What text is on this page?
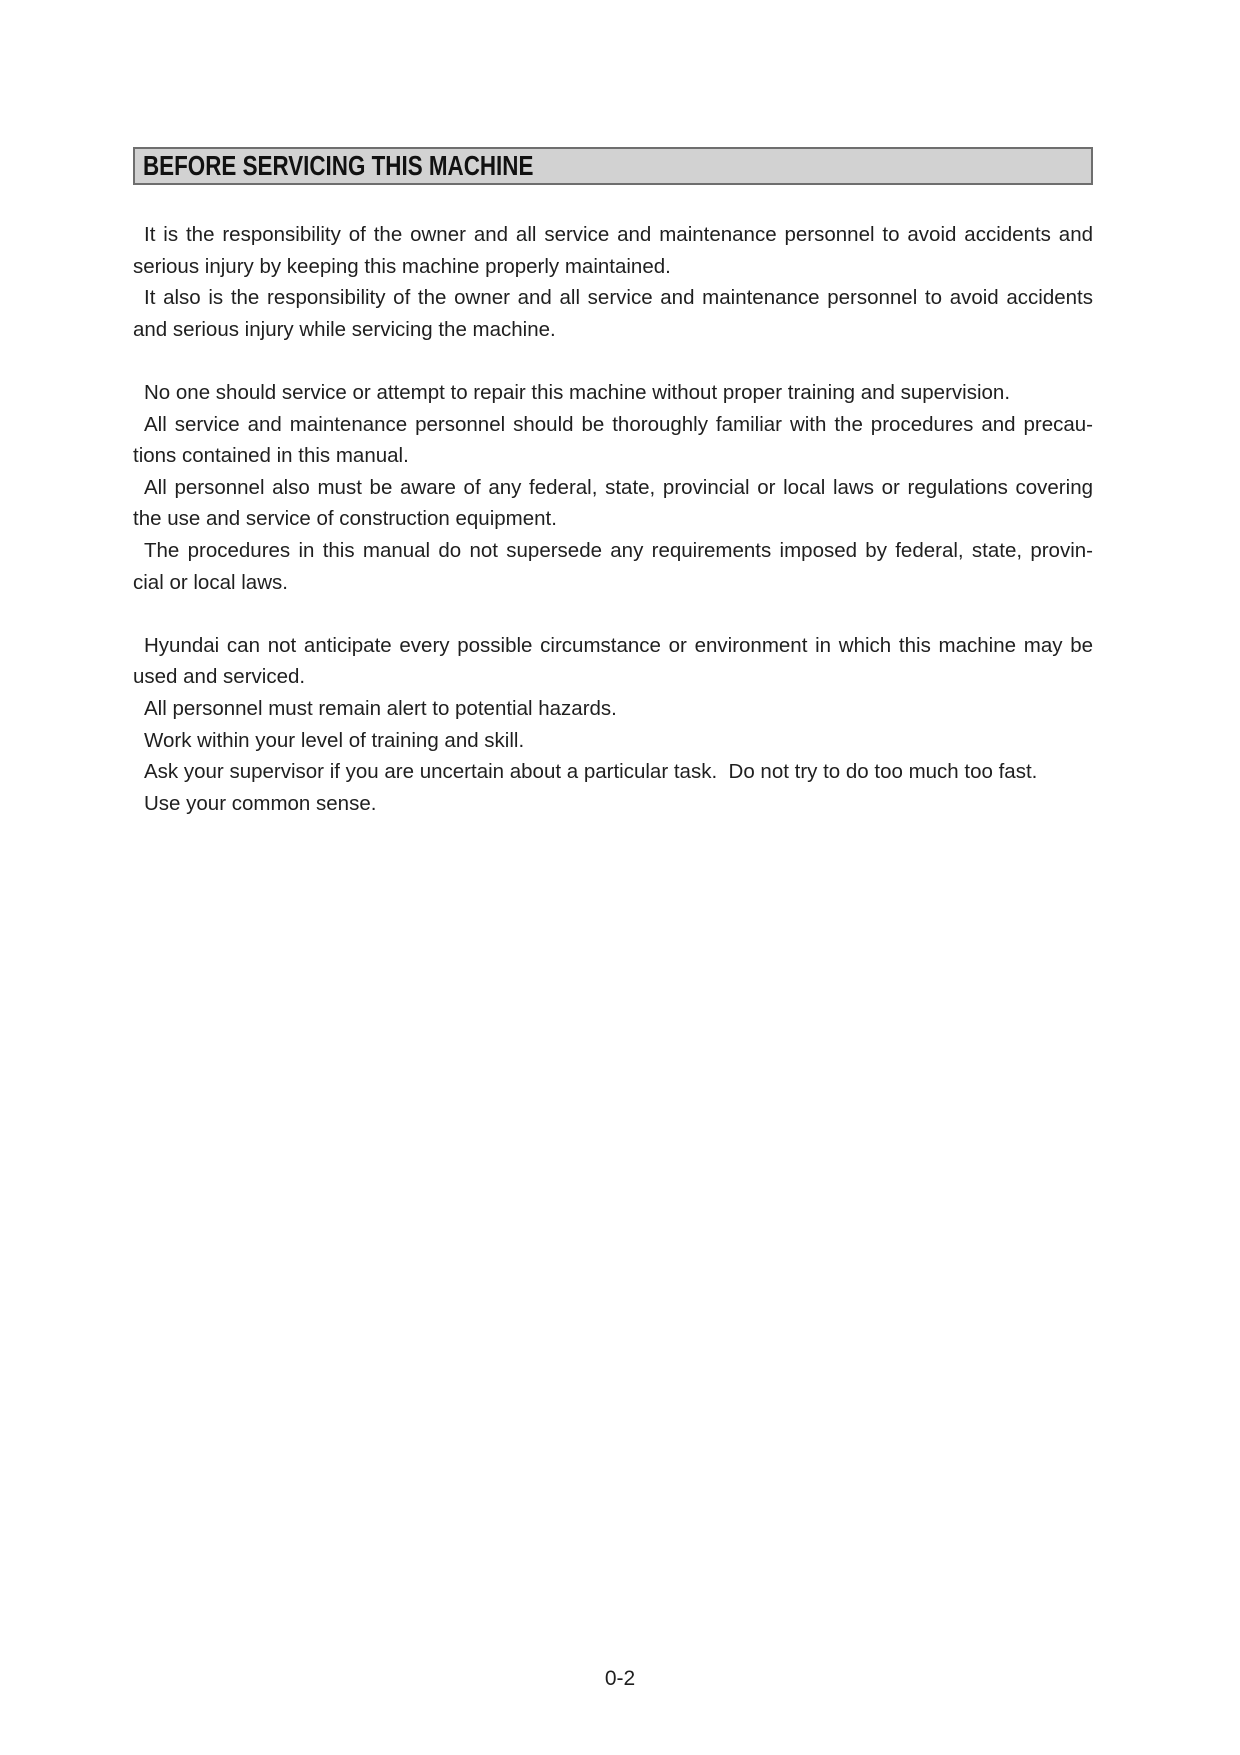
BEFORE SERVICING THIS MACHINE
It is the responsibility of the owner and all service and maintenance personnel to avoid accidents and
serious injury by keeping this machine properly maintained.
It also is the responsibility of the owner and all service and maintenance personnel to avoid accidents
and serious injury while servicing the machine.
No one should service or attempt to repair this machine without proper training and supervision.
All service and maintenance personnel should be thoroughly familiar with the procedures and precau-
tions contained in this manual.
All personnel also must be aware of any federal, state, provincial or local laws or regulations covering
the use and service of construction equipment.
The procedures in this manual do not supersede any requirements imposed by federal, state, provin-
cial or local laws.
Hyundai can not anticipate every possible circumstance or environment in which this machine may be
used and serviced.
All personnel must remain alert to potential hazards.
Work within your level of training and skill.
Ask your supervisor if you are uncertain about a particular task.  Do not try to do too much too fast.
Use your common sense.
0-2
